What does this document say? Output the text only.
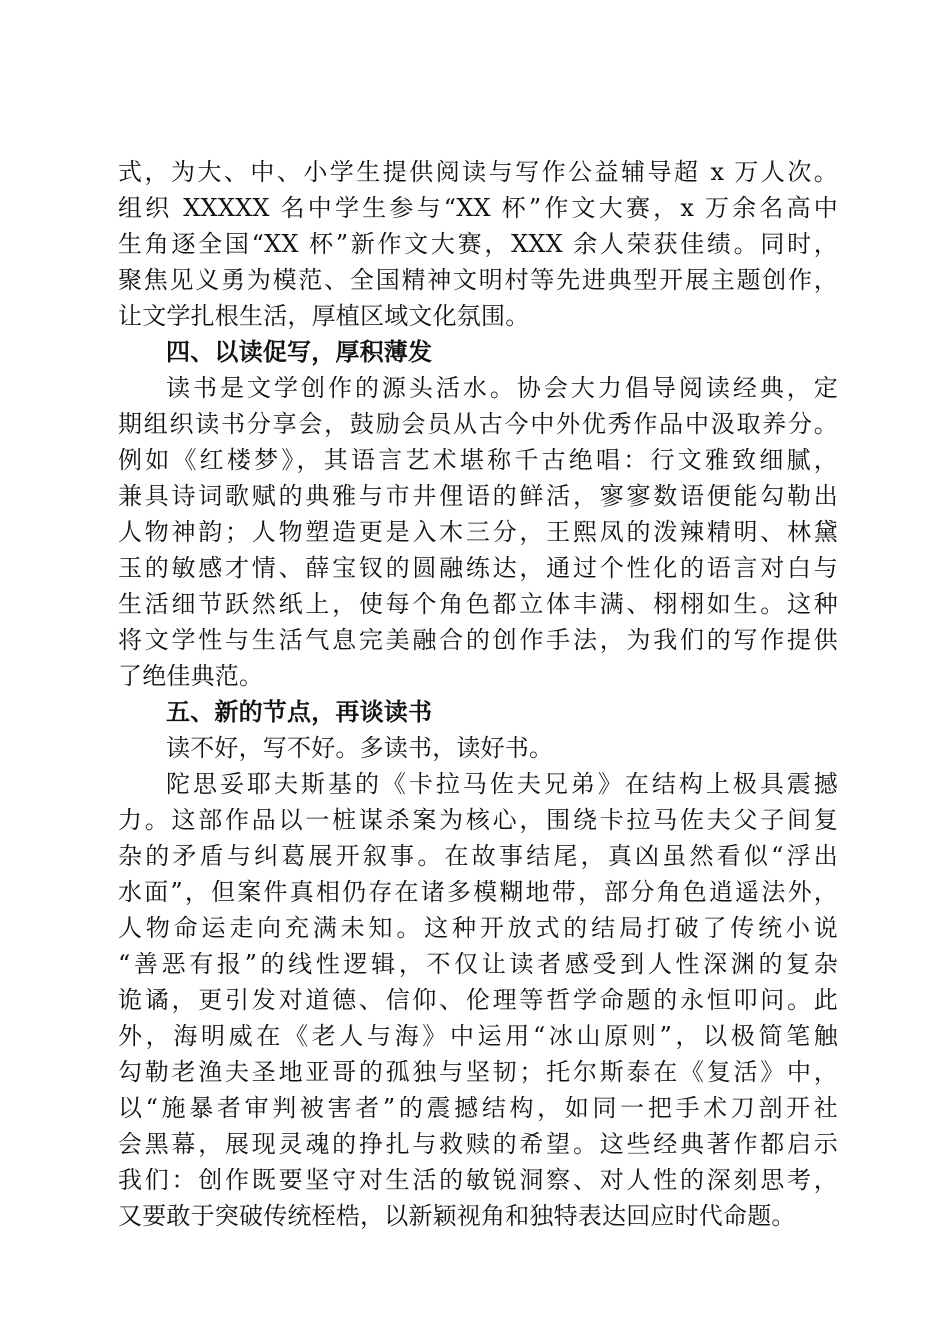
式，为大、中、小学生提供阅读与写作公益辅导超 x 万人次。
组织 XXXXX 名中学生参与“XX 杯”作文大赛，x 万余名高中
生角逐全国“XX 杯”新作文大赛，XXX 余人荣获佳绩。同时，
聚焦见义勇为模范、全国精神文明村等先进典型开展主题创作，
让文学扎根生活，厚植区域文化氛围。
四、以读促写，厚积薄发
读书是文学创作的源头活水。协会大力倡导阅读经典，定
期组织读书分享会，鼓励会员从古今中外优秀作品中汲取养分。
例如《红楼梦》，其语言艺术堪称千古绝唱：行文雅致细腻，
兼具诗词歌赋的典雅与市井俚语的鲜活，寥寥数语便能勾勒出
人物神韵；人物塑造更是入木三分，王熙凤的泼辣精明、林黛
玉的敏感才情、薛宝钗的圆融练达，通过个性化的语言对白与
生活细节跃然纸上，使每个角色都立体丰满、栩栩如生。这种
将文学性与生活气息完美融合的创作手法，为我们的写作提供
了绝佳典范。
五、新的节点，再谈读书
读不好，写不好。多读书，读好书。
陀思妥耶夫斯基的《卡拉马佐夫兄弟》在结构上极具震撼
力。这部作品以一桩谋杀案为核心，围绕卡拉马佐夫父子间复
杂的矛盾与纠葛展开叙事。在故事结尾，真凶虽然看似“浮出
水面”，但案件真相仍存在诸多模糊地带，部分角色逍遥法外，
人物命运走向充满未知。这种开放式的结局打破了传统小说
“善恶有报”的线性逻辑，不仅让读者感受到人性深渊的复杂
诡谲，更引发对道德、信仰、伦理等哲学命题的永恒叩问。此
外，海明威在《老人与海》中运用“冰山原则”，以极简笔触
勾勒老渔夫圣地亚哥的孤独与坚韧；托尔斯泰在《复活》中，
以“施暴者审判被害者”的震撼结构，如同一把手术刀剖开社
会黑幕，展现灵魂的挣扎与救赎的希望。这些经典著作都启示
我们：创作既要坚守对生活的敏锐洞察、对人性的深刻思考，
又要敢于突破传统桎梏，以新颖视角和独特表达回应时代命题。
